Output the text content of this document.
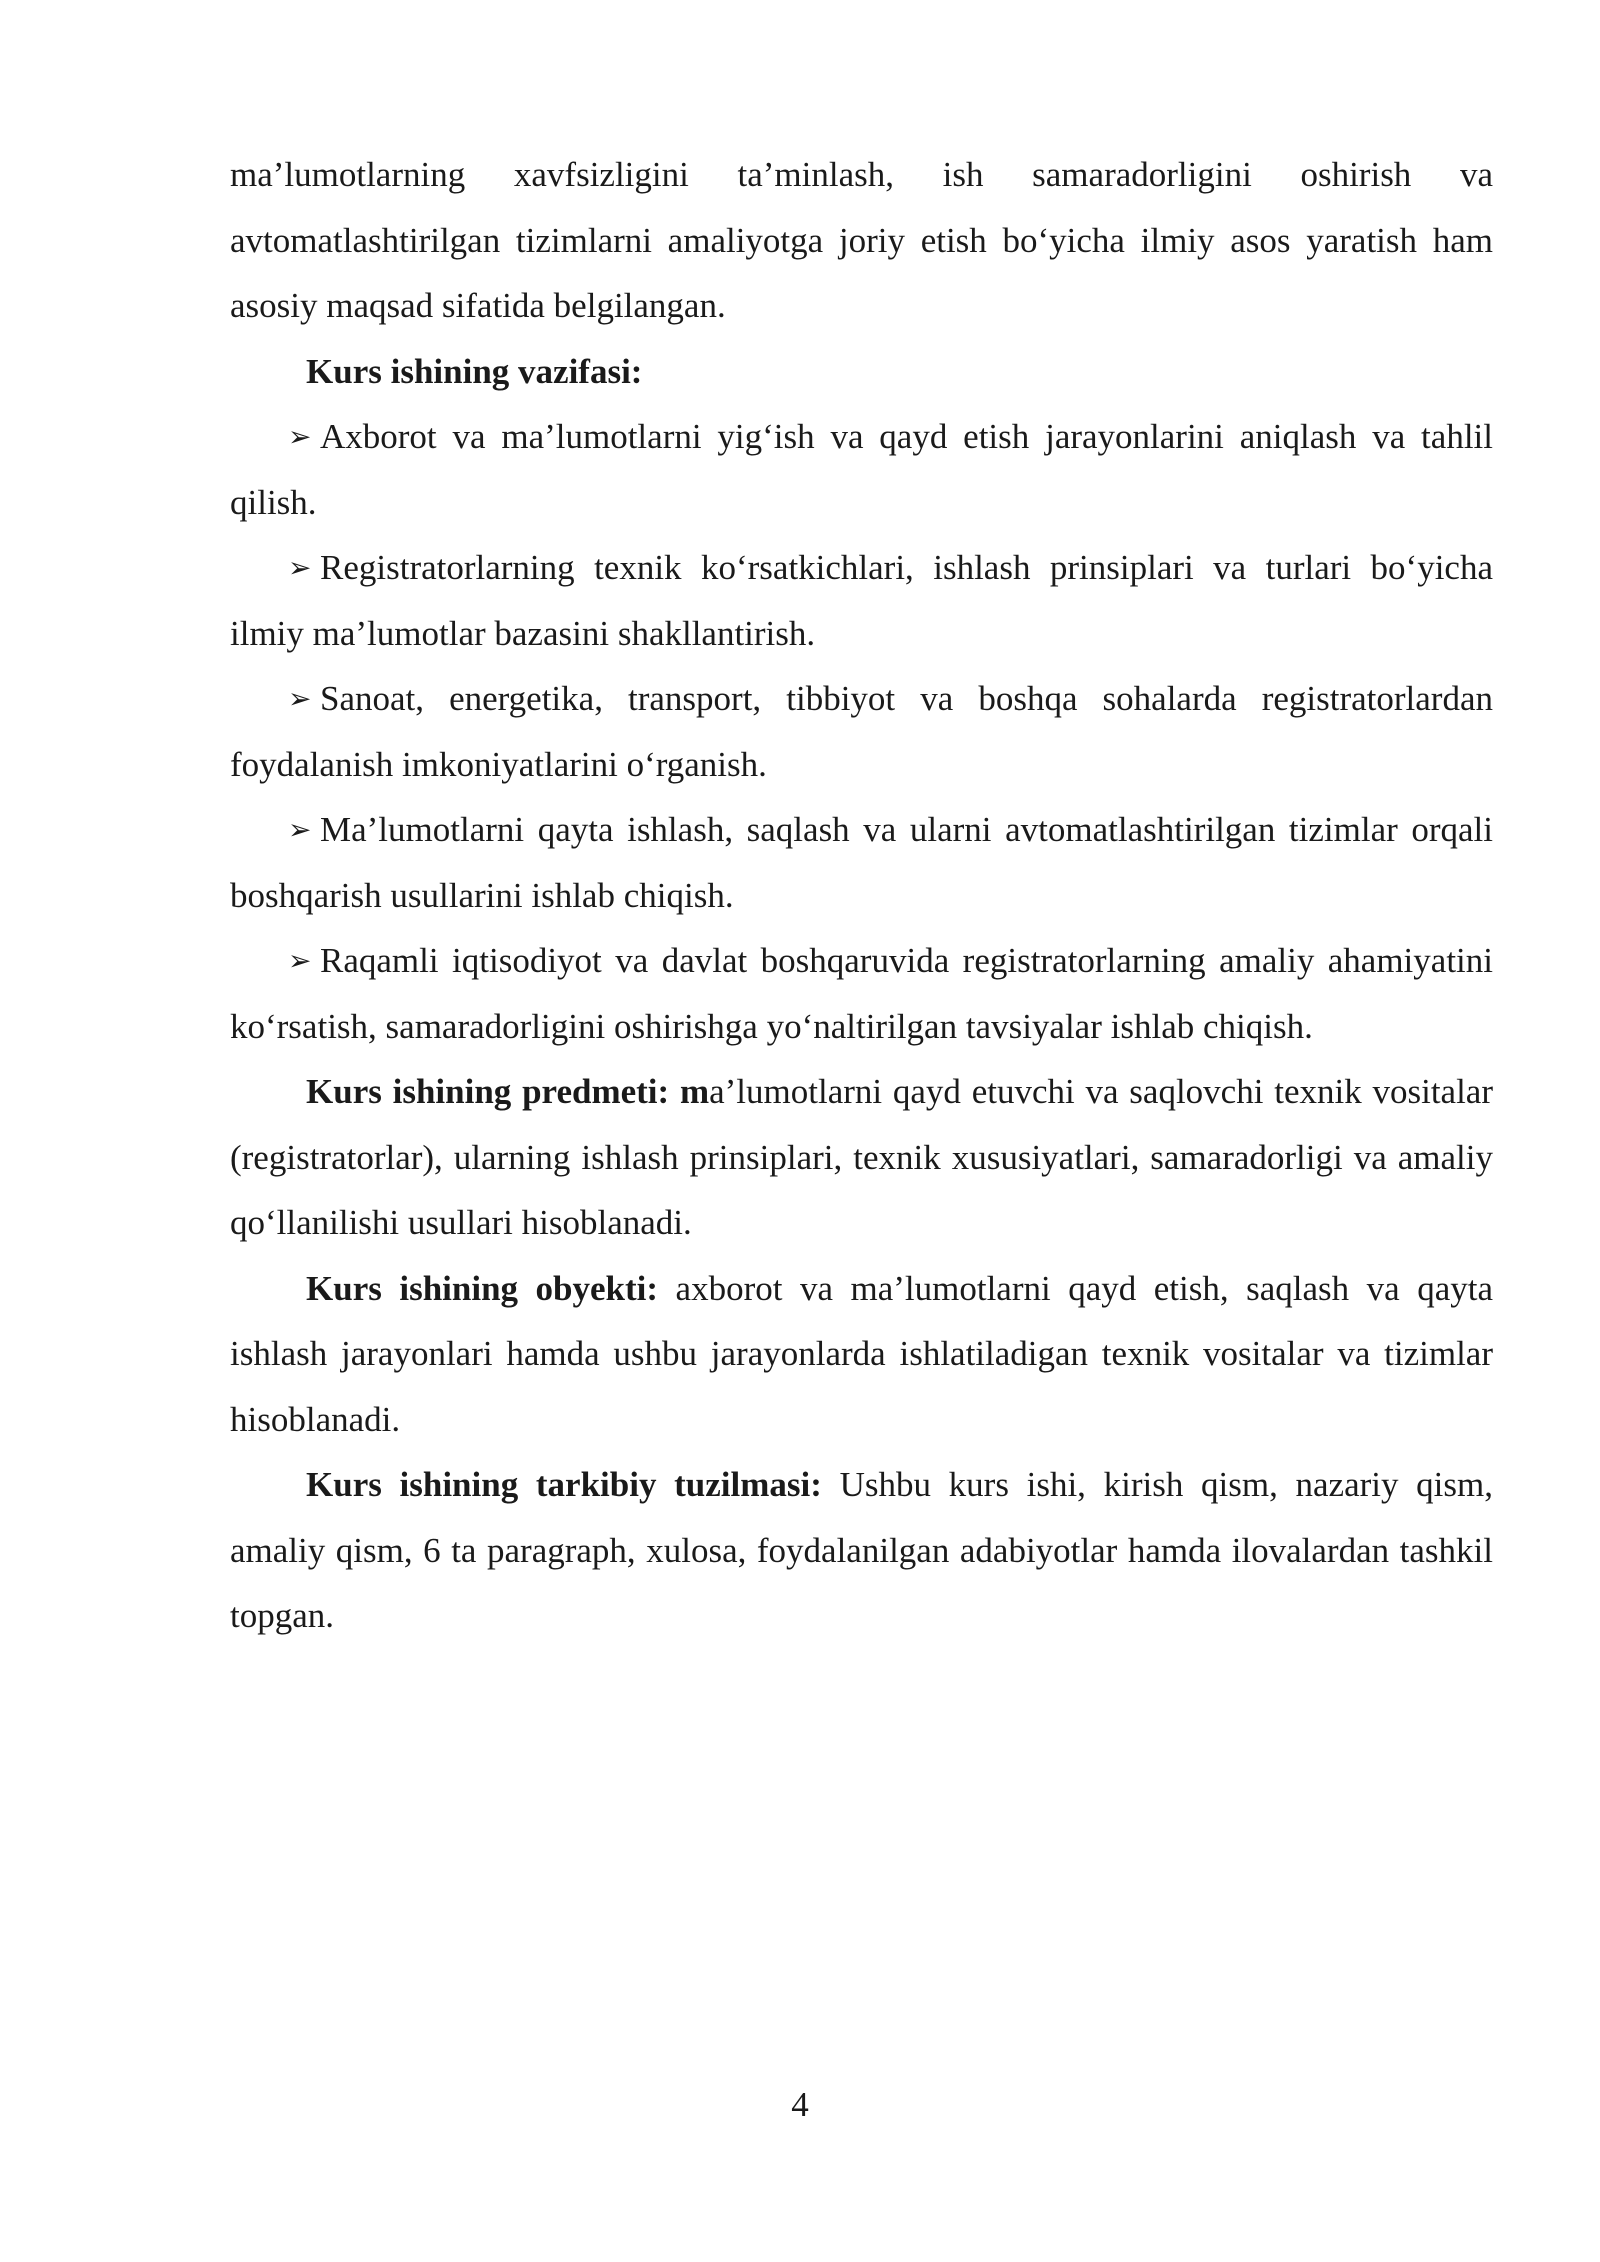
ma’lumotlarning xavfsizligini ta’minlash, ish samaradorligini oshirish va avtomatlashtirilgan tizimlarni amaliyotga joriy etish bo‘yicha ilmiy asos yaratish ham asosiy maqsad sifatida belgilangan.

Kurs ishining vazifasi:

➢ Axborot va ma’lumotlarni yig‘ish va qayd etish jarayonlarini aniqlash va tahlil qilish.

➢ Registratorlarning texnik ko‘rsatkichlari, ishlash prinsiplari va turlari bo‘yicha ilmiy ma’lumotlar bazasini shakllantirish.

➢ Sanoat, energetika, transport, tibbiyot va boshqa sohalarda registratorlardan foydalanish imkoniyatlarini o‘rganish.

➢ Ma’lumotlarni qayta ishlash, saqlash va ularni avtomatlashtirilgan tizimlar orqali boshqarish usullarini ishlab chiqish.

➢ Raqamli iqtisodiyot va davlat boshqaruvida registratorlarning amaliy ahamiyatini ko‘rsatish, samaradorligini oshirishga yo‘naltirilgan tavsiyalar ishlab chiqish.

Kurs ishining predmeti: ma’lumotlarni qayd etuvchi va saqlovchi texnik vositalar (registratorlar), ularning ishlash prinsiplari, texnik xususiyatlari, samaradorligi va amaliy qo‘llanilishi usullari hisoblanadi.

Kurs ishining obyekti: axborot va ma’lumotlarni qayd etish, saqlash va qayta ishlash jarayonlari hamda ushbu jarayonlarda ishlatiladigan texnik vositalar va tizimlar hisoblanadi.

Kurs ishining tarkibiy tuzilmasi: Ushbu kurs ishi, kirish qism, nazariy qism, amaliy qism, 6 ta paragraph, xulosa, foydalanilgan adabiyotlar hamda ilovalardan tashkil topgan.

4
